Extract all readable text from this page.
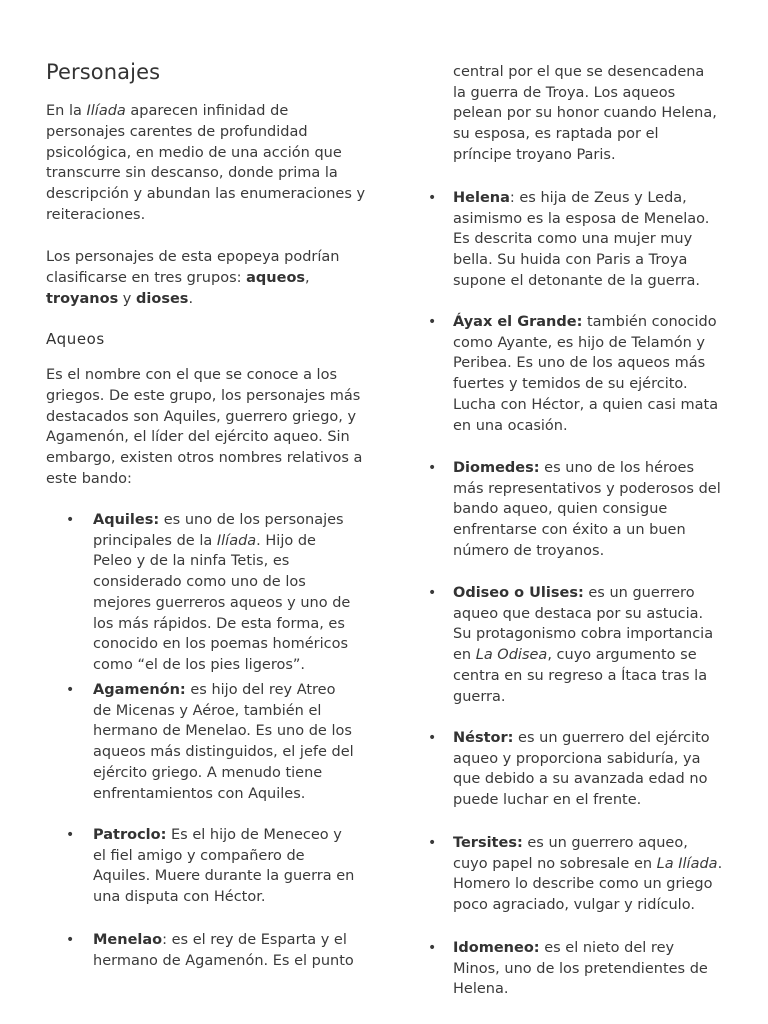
Personajes

En la Ilíada aparecen infinidad de personajes carentes de profundidad psicológica, en medio de una acción que transcurre sin descanso, donde prima la descripción y abundan las enumeraciones y reiteraciones.

Los personajes de esta epopeya podrían clasificarse en tres grupos: aqueos, troyanos y dioses.

Aqueos

Es el nombre con el que se conoce a los griegos. De este grupo, los personajes más destacados son Aquiles, guerrero griego, y Agamenón, el líder del ejército aqueo. Sin embargo, existen otros nombres relativos a este bando:

• Aquiles: es uno de los personajes principales de la Ilíada. Hijo de Peleo y de la ninfa Tetis, es considerado como uno de los mejores guerreros aqueos y uno de los más rápidos. De esta forma, es conocido en los poemas homéricos como “el de los pies ligeros”.

• Agamenón: es hijo del rey Atreo de Micenas y Aéroe, también el hermano de Menelao. Es uno de los aqueos más distinguidos, el jefe del ejército griego. A menudo tiene enfrentamientos con Aquiles.

• Patroclo: Es el hijo de Meneceo y el fiel amigo y compañero de Aquiles. Muere durante la guerra en una disputa con Héctor.

• Menelao: es el rey de Esparta y el hermano de Agamenón. Es el punto

central por el que se desencadena la guerra de Troya. Los aqueos pelean por su honor cuando Helena, su esposa, es raptada por el príncipe troyano Paris.

• Helena: es hija de Zeus y Leda, asimismo es la esposa de Menelao. Es descrita como una mujer muy bella. Su huida con Paris a Troya supone el detonante de la guerra.

• Áyax el Grande: también conocido como Ayante, es hijo de Telamón y Peribea. Es uno de los aqueos más fuertes y temidos de su ejército. Lucha con Héctor, a quien casi mata en una ocasión.

• Diomedes: es uno de los héroes más representativos y poderosos del bando aqueo, quien consigue enfrentarse con éxito a un buen número de troyanos.

• Odiseo o Ulises: es un guerrero aqueo que destaca por su astucia. Su protagonismo cobra importancia en La Odisea, cuyo argumento se centra en su regreso a Ítaca tras la guerra.

• Néstor: es un guerrero del ejército aqueo y proporciona sabiduría, ya que debido a su avanzada edad no puede luchar en el frente.

• Tersites: es un guerrero aqueo, cuyo papel no sobresale en La Ilíada. Homero lo describe como un griego poco agraciado, vulgar y ridículo.

• Idomeneo: es el nieto del rey Minos, uno de los pretendientes de Helena.
